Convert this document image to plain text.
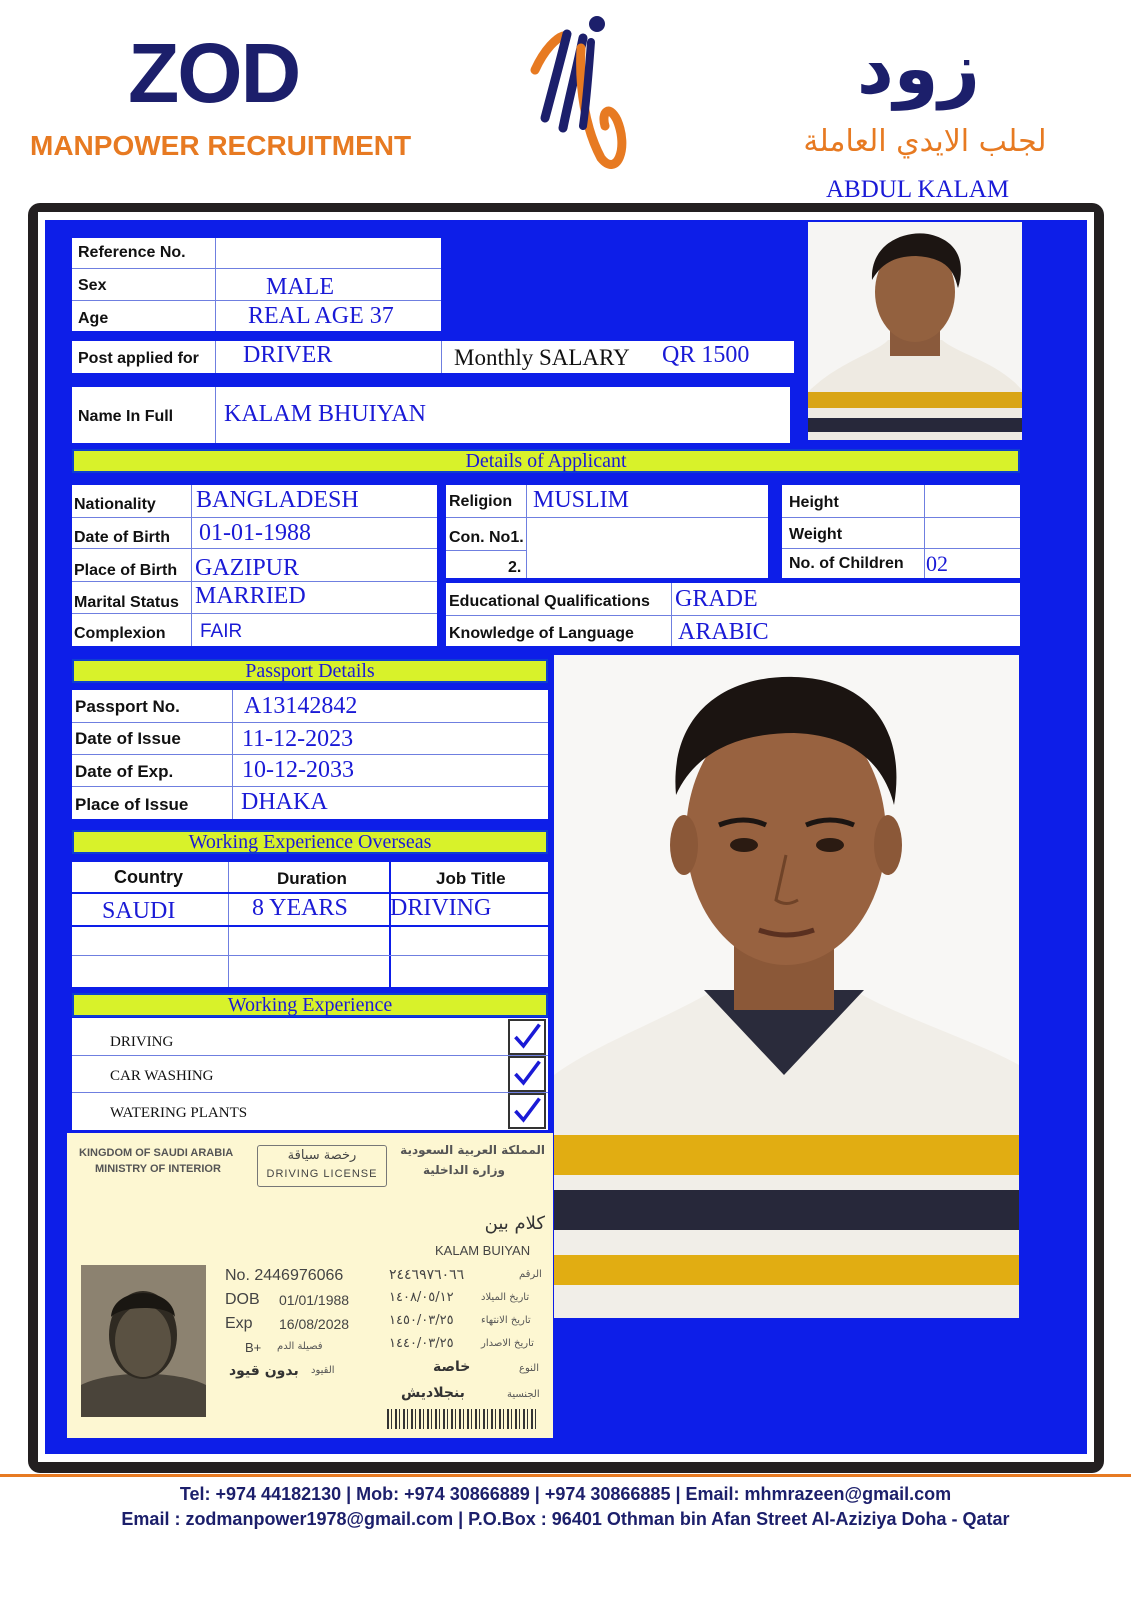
ZOD
MANPOWER RECRUITMENT
زود
لجلب الايدي العاملة
ABDUL KALAM
Reference No.
Sex	MALE
Age	REAL AGE 37
Post applied for DRIVER	Monthly SALARY QR 1500
Name In Full KALAM BHUIYAN
Details of Applicant
Nationality BANGLADESH
Date of Birth 01-01-1988
Place of Birth GAZIPUR
Marital Status MARRIED
Complexion FAIR
Religion MUSLIM
Con. No1.
2.
Height
Weight
No. of Children 02
Educational Qualifications GRADE
Knowledge of Language ARABIC
Passport Details
Passport No.	A13142842
Date of Issue	11-12-2023
Date of Exp.	10-12-2033
Place of Issue DHAKA
Working Experience Overseas
Country	Duration	Job Title
SAUDI	8 YEARS DRIVING
Working Experience
DRIVING
CAR WASHING
WATERING PLANTS
KINGDOM OF SAUDI ARABIA
MINISTRY OF INTERIOR
رخصة سياقة
DRIVING LICENSE
المملكة العربية السعودية
وزارة الداخلية
كلام بين
KALAM BUIYAN
No. 2446976066
DOB 01/01/1988
Exp 16/08/2028
B+ فصيلة الدم
بدون قيود القيود
٢٤٤٦٩٧٦٠٦٦	الرقم
١٤٠٨/٠٥/١٢	تاريخ الميلاد
١٤٥٠/٠٣/٢٥	تاريخ الانتهاء
١٤٤٠/٠٣/٢٥	تاريخ الاصدار
خاصة	النوع
بنجلاديش	الجنسية
Tel: +974 44182130 | Mob: +974 30866889 | +974 30866885 | Email: mhmrazeen@gmail.com
Email : zodmanpower1978@gmail.com | P.O.Box : 96401 Othman bin Afan Street Al-Aziziya Doha - Qatar
